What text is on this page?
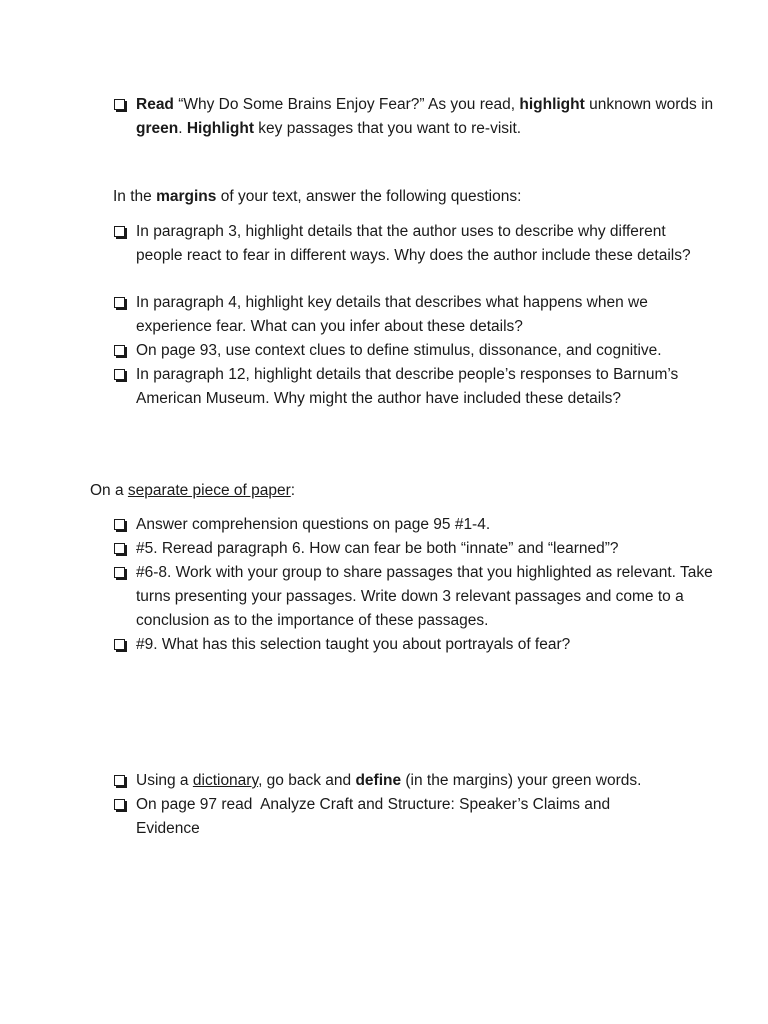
Read “Why Do Some Brains Enjoy Fear?” As you read, highlight unknown words in green. Highlight key passages that you want to re-visit.
In the margins of your text, answer the following questions:
In paragraph 3, highlight details that the author uses to describe why different people react to fear in different ways. Why does the author include these details?
In paragraph 4, highlight key details that describes what happens when we experience fear. What can you infer about these details?
On page 93, use context clues to define stimulus, dissonance, and cognitive.
In paragraph 12, highlight details that describe people’s responses to Barnum’s American Museum. Why might the author have included these details?
On a separate piece of paper:
Answer comprehension questions on page 95 #1-4.
#5. Reread paragraph 6. How can fear be both “innate” and “learned”?
#6-8. Work with your group to share passages that you highlighted as relevant. Take turns presenting your passages. Write down 3 relevant passages and come to a conclusion as to the importance of these passages.
#9. What has this selection taught you about portrayals of fear?
Using a dictionary, go back and define (in the margins) your green words.
On page 97 read  Analyze Craft and Structure: Speaker’s Claims and Evidence
